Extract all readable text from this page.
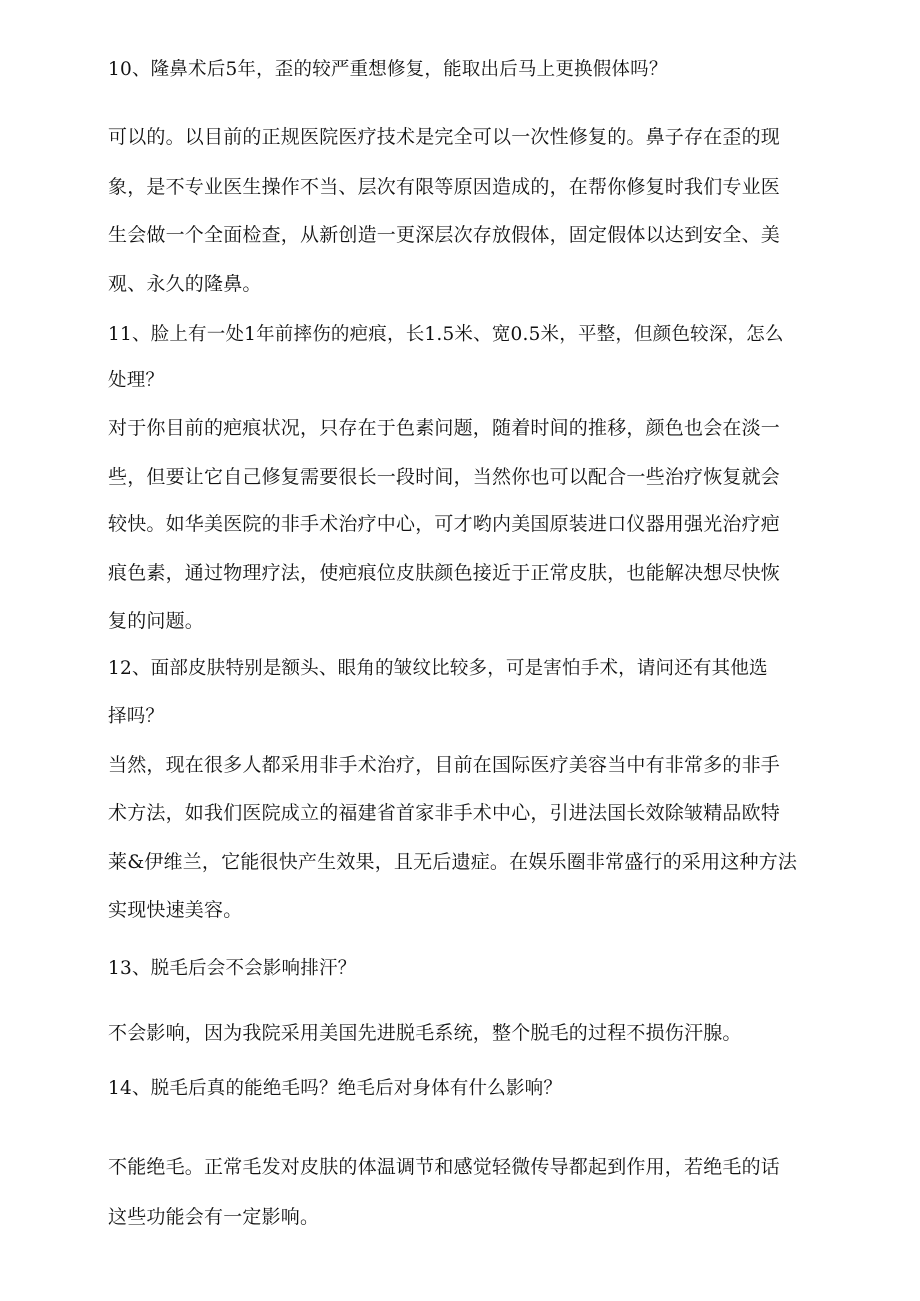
10、隆鼻术后5年，歪的较严重想修复，能取出后马上更换假体吗？
可以的。以目前的正规医院医疗技术是完全可以一次性修复的。鼻子存在歪的现
象，是不专业医生操作不当、层次有限等原因造成的，在帮你修复时我们专业医
生会做一个全面检查，从新创造一更深层次存放假体，固定假体以达到安全、美
观、永久的隆鼻。
11、脸上有一处1年前摔伤的疤痕，长1.5米、宽0.5米，平整，但颜色较深，怎么
处理？
对于你目前的疤痕状况，只存在于色素问题，随着时间的推移，颜色也会在淡一
些，但要让它自己修复需要很长一段时间，当然你也可以配合一些治疗恢复就会
较快。如华美医院的非手术治疗中心，可才哟内美国原装进口仪器用强光治疗疤
痕色素，通过物理疗法，使疤痕位皮肤颜色接近于正常皮肤，也能解决想尽快恢
复的问题。
12、面部皮肤特别是额头、眼角的皱纹比较多，可是害怕手术，请问还有其他选
择吗？
当然，现在很多人都采用非手术治疗，目前在国际医疗美容当中有非常多的非手
术方法，如我们医院成立的福建省首家非手术中心，引进法国长效除皱精品欧特
莱&伊维兰，它能很快产生效果，且无后遗症。在娱乐圈非常盛行的采用这种方法
实现快速美容。
13、脱毛后会不会影响排汗？
不会影响，因为我院采用美国先进脱毛系统，整个脱毛的过程不损伤汗腺。
14、脱毛后真的能绝毛吗？绝毛后对身体有什么影响？
不能绝毛。正常毛发对皮肤的体温调节和感觉轻微传导都起到作用，若绝毛的话
这些功能会有一定影响。
